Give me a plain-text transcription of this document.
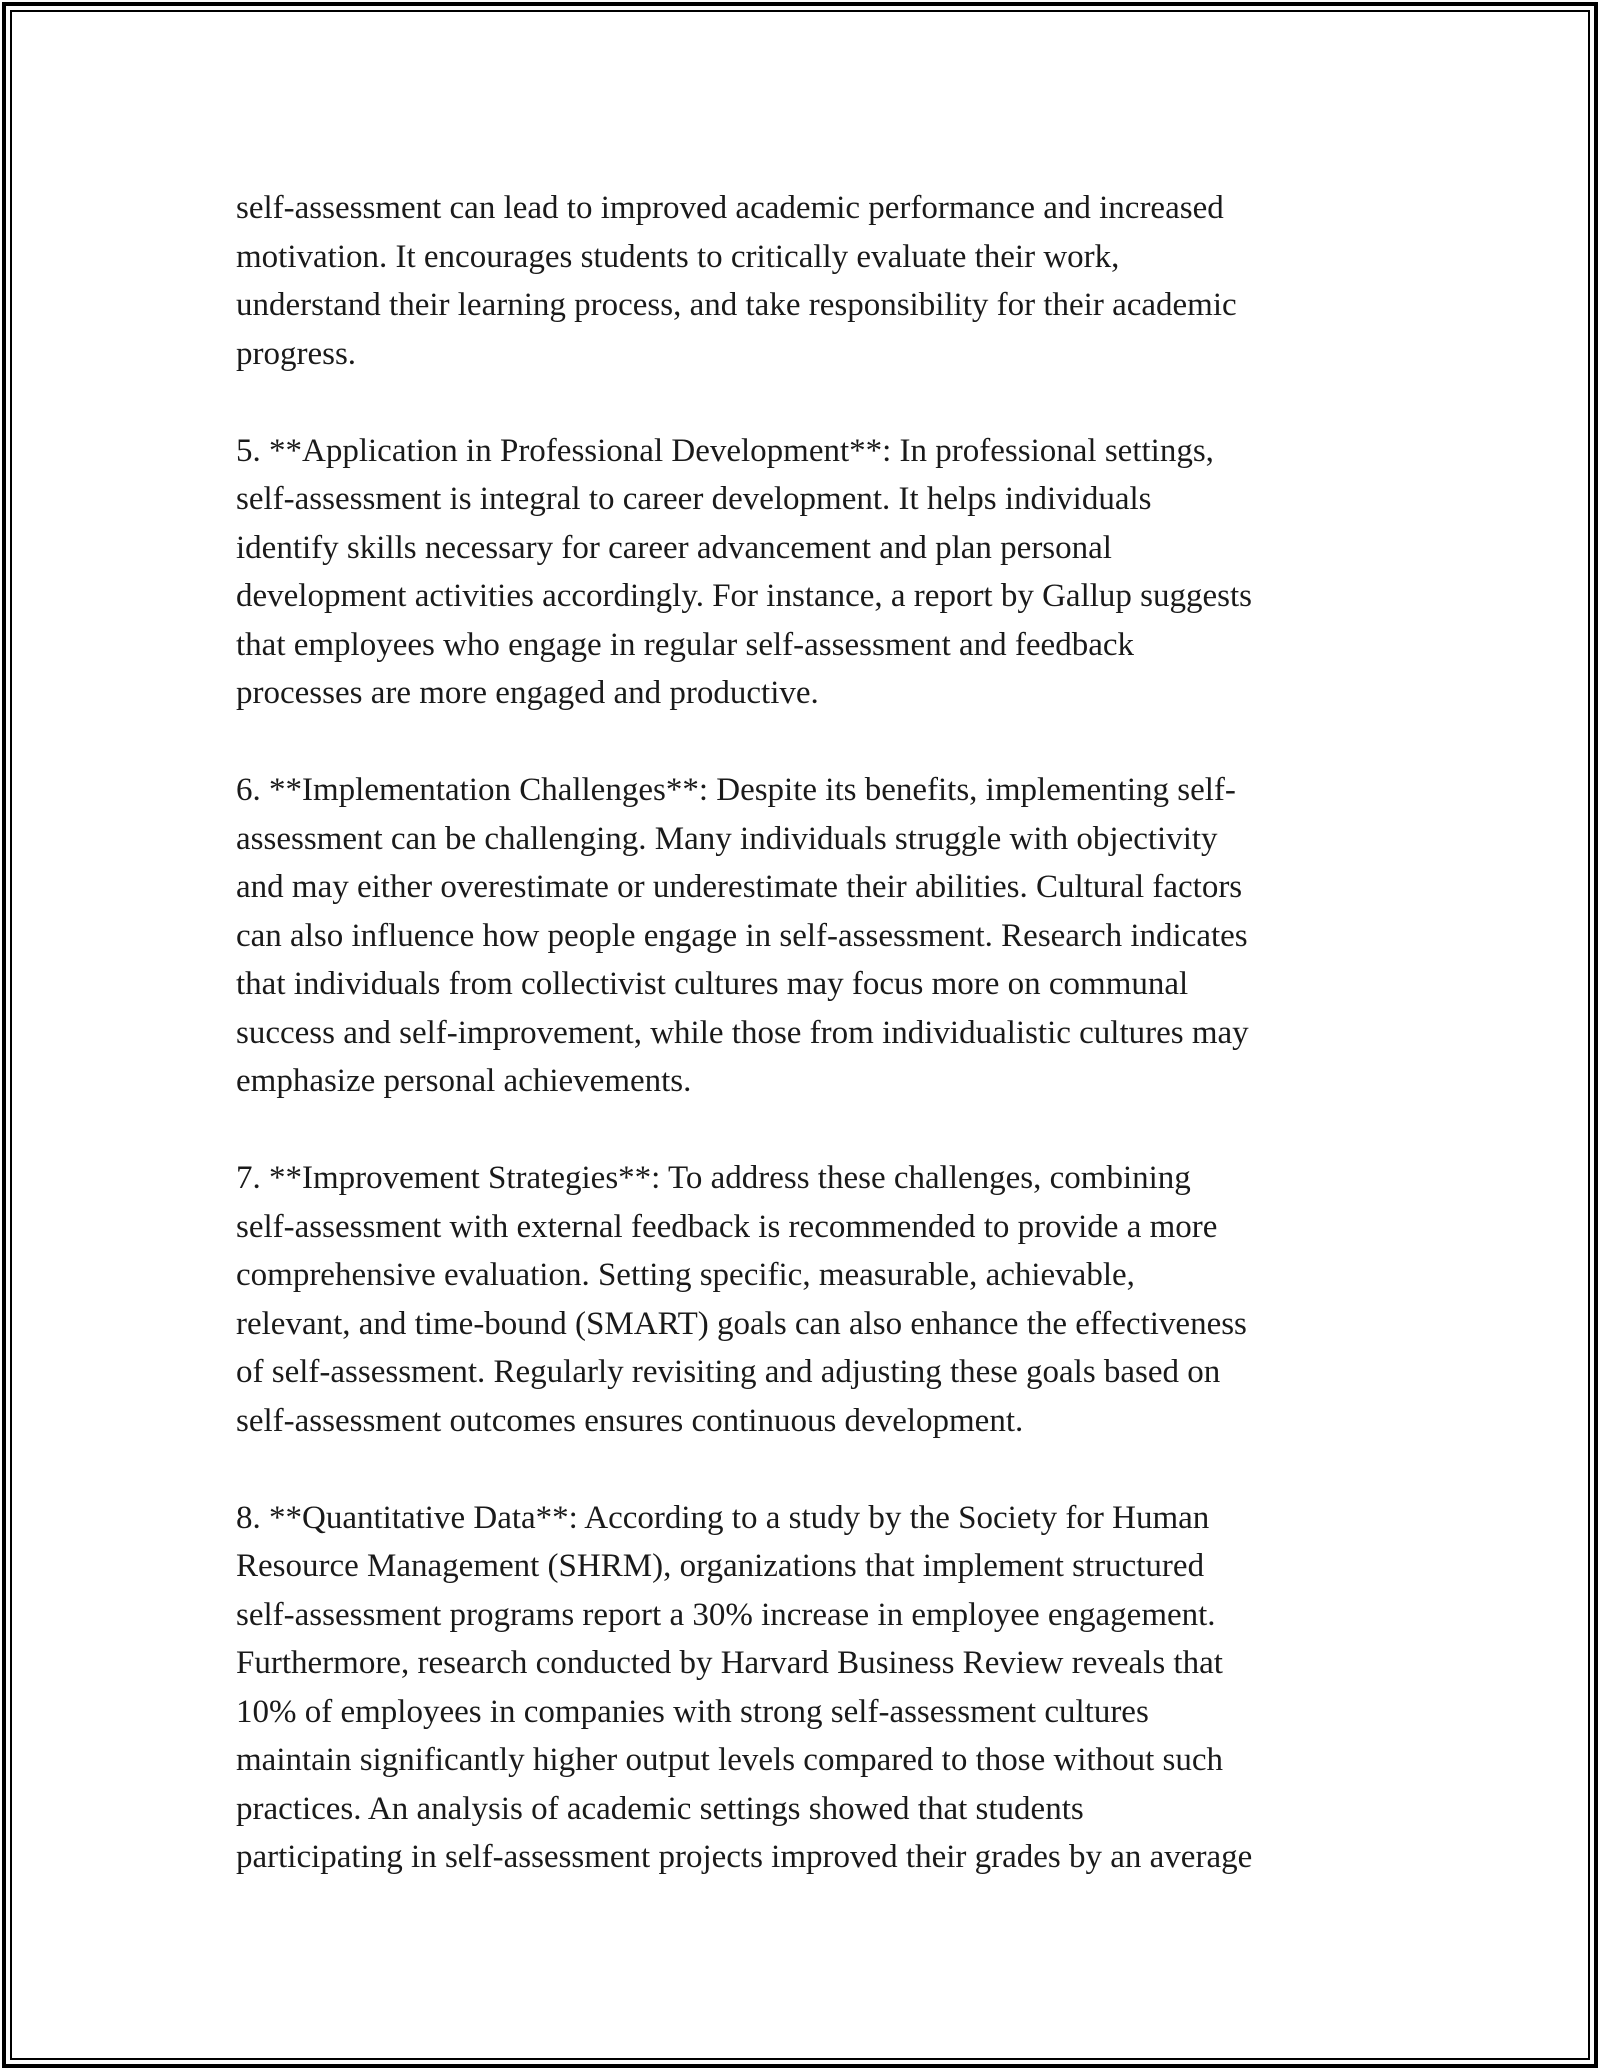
self-assessment can lead to improved academic performance and increased
motivation. It encourages students to critically evaluate their work,
understand their learning process, and take responsibility for their academic
progress.
5. **Application in Professional Development**: In professional settings,
self-assessment is integral to career development. It helps individuals
identify skills necessary for career advancement and plan personal
development activities accordingly. For instance, a report by Gallup suggests
that employees who engage in regular self-assessment and feedback
processes are more engaged and productive.
6. **Implementation Challenges**: Despite its benefits, implementing self-
assessment can be challenging. Many individuals struggle with objectivity
and may either overestimate or underestimate their abilities. Cultural factors
can also influence how people engage in self-assessment. Research indicates
that individuals from collectivist cultures may focus more on communal
success and self-improvement, while those from individualistic cultures may
emphasize personal achievements.
7. **Improvement Strategies**: To address these challenges, combining
self-assessment with external feedback is recommended to provide a more
comprehensive evaluation. Setting specific, measurable, achievable,
relevant, and time-bound (SMART) goals can also enhance the effectiveness
of self-assessment. Regularly revisiting and adjusting these goals based on
self-assessment outcomes ensures continuous development.
8. **Quantitative Data**: According to a study by the Society for Human
Resource Management (SHRM), organizations that implement structured
self-assessment programs report a 30% increase in employee engagement.
Furthermore, research conducted by Harvard Business Review reveals that
10% of employees in companies with strong self-assessment cultures
maintain significantly higher output levels compared to those without such
practices. An analysis of academic settings showed that students
participating in self-assessment projects improved their grades by an average
